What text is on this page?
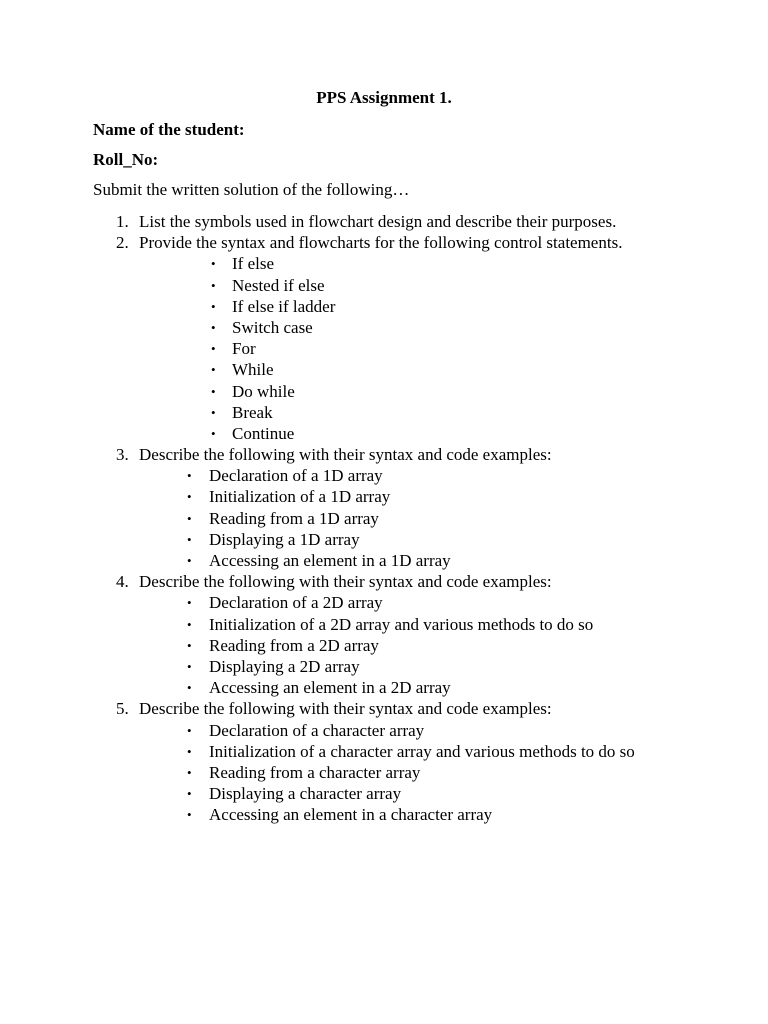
PPS Assignment 1.
Name of the student:
Roll_No:
Submit the written solution of the following…
1. List the symbols used in flowchart design and describe their purposes.
2. Provide the syntax and flowcharts for the following control statements.
• If else
• Nested if else
• If else if ladder
• Switch case
• For
• While
• Do while
• Break
• Continue
3. Describe the following with their syntax and code examples:
• Declaration of a 1D array
• Initialization of a 1D array
• Reading from a 1D array
• Displaying a 1D array
• Accessing an element in a 1D array
4. Describe the following with their syntax and code examples:
• Declaration of a 2D array
• Initialization of a 2D array and various methods to do so
• Reading from a 2D array
• Displaying a 2D array
• Accessing an element in a 2D array
5. Describe the following with their syntax and code examples:
• Declaration of a character array
• Initialization of a character array and various methods to do so
• Reading from a character array
• Displaying a character array
• Accessing an element in a character array
